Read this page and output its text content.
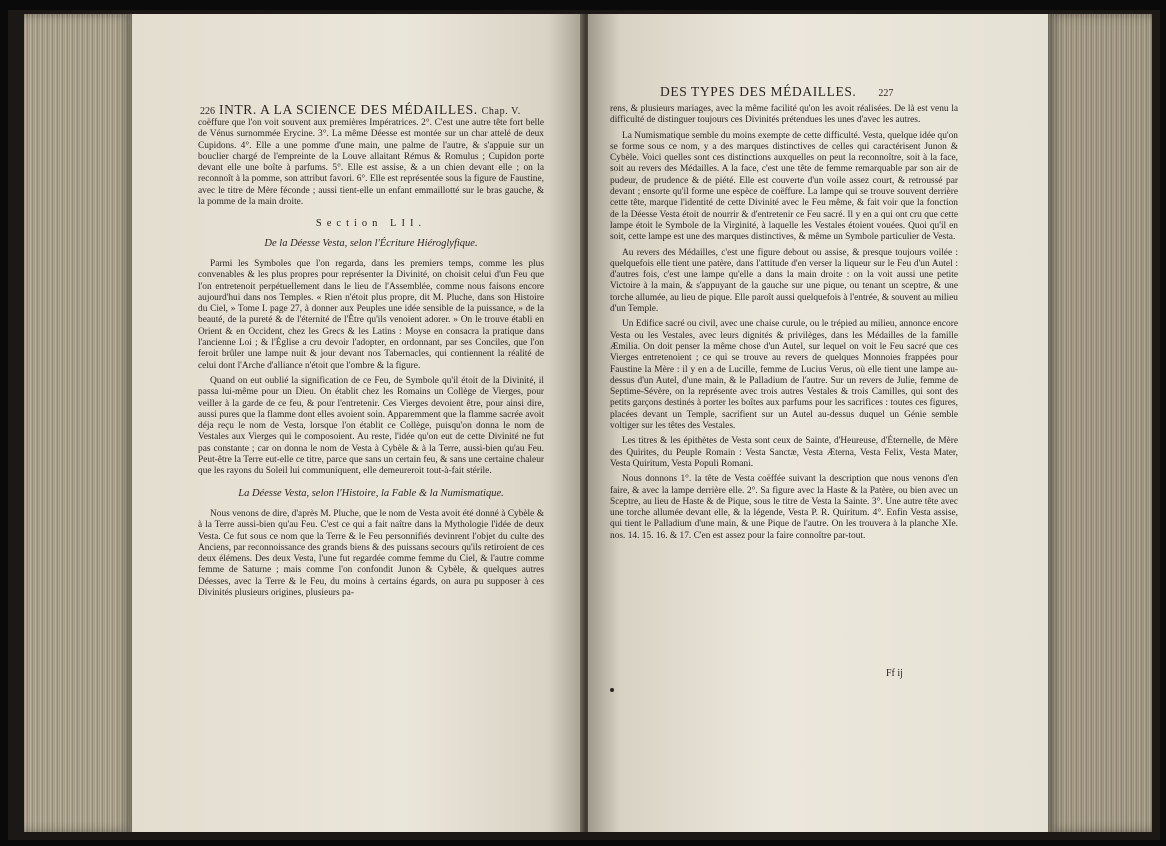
226 INTR. A LA SCIENCE DES MÉDAILLES. Chap. V.

coëffure que l'on voit souvent aux premières Impératrices. 2°. C'est une autre tête fort belle de Vénus surnommée Erycine. 3°. La même Déesse est montée sur un char attelé de deux Cupidons. 4°. Elle a une pomme d'une main, une palme de l'autre, & s'appuie sur un bouclier chargé de l'empreinte de la Louve allaitant Rémus & Romulus ; Cupidon porte devant elle une boîte à parfums. 5°. Elle est assise, & a un chien devant elle ; on la reconnoît à la pomme, son attribut favori. 6°. Elle est représentée sous la figure de Faustine, avec le titre de Mère féconde ; aussi tient-elle un enfant emmaillotté sur le bras gauche, & la pomme de la main droite.

Section LII.
De la Déesse Vesta, selon l'Écriture Hiéroglyfique.

Parmi les Symboles que l'on regarda, dans les premiers temps, comme les plus convenables & les plus propres pour représenter la Divinité, on choisit celui d'un Feu que l'on entretenoit perpétuellement dans le lieu de l'Assemblée, comme nous faisons encore aujourd'hui dans nos Temples. « Rien n'étoit plus propre, dit M. Pluche, dans son Histoire du Ciel, » Tome I. page 27, à donner aux Peuples une idée sensible de la puissance, » de la beauté, de la pureté & de l'éternité de l'Être qu'ils venoient adorer. » On le trouve établi en Orient & en Occident, chez les Grecs & les Latins : Moyse en consacra la pratique dans l'ancienne Loi ; & l'Église a cru devoir l'adopter, en ordonnant, par ses Conciles, que l'on feroit brûler une lampe nuit & jour devant nos Tabernacles, qui contiennent la réalité de celui dont l'Arche d'alliance n'étoit que l'ombre & la figure.

Quand on eut oublié la signification de ce Feu, de Symbole qu'il étoit de la Divinité, il passa lui-même pour un Dieu. On établit chez les Romains un Collège de Vierges, pour veiller à la garde de ce feu, & pour l'entretenir. Ces Vierges devoient être, pour ainsi dire, aussi pures que la flamme dont elles avoient soin. Apparemment que la flamme sacrée avoit déja reçu le nom de Vesta, lorsque l'on établit ce Collège, puisqu'on donna le nom de Vestales aux Vierges qui le composoient. Au reste, l'idée qu'on eut de cette Divinité ne fut pas constante ; car on donna le nom de Vesta à Cybèle & à la Terre, aussi-bien qu'au Feu. Peut-être la Terre eut-elle ce titre, parce que sans un certain feu, & sans une certaine chaleur que les rayons du Soleil lui communiquent, elle demeureroit tout-à-fait stérile.

La Déesse Vesta, selon l'Histoire, la Fable & la Numismatique.

Nous venons de dire, d'après M. Pluche, que le nom de Vesta avoit été donné à Cybèle & à la Terre aussi-bien qu'au Feu. C'est ce qui a fait naître dans la Mythologie l'idée de deux Vesta. Ce fut sous ce nom que la Terre & le Feu personnifiés devinrent l'objet du culte des Anciens, par reconnoissance des grands biens & des puissans secours qu'ils retiroient de ces deux élémens. Des deux Vesta, l'une fut regardée comme femme du Ciel, & l'autre comme femme de Saturne ; mais comme l'on confondit Junon & Cybèle, & quelques autres Déesses, avec la Terre & le Feu, du moins à certains égards, on aura pu supposer à ces Divinités plusieurs origines, plusieurs pa-

DES TYPES DES MÉDAILLES. 227

rens, & plusieurs mariages, avec la même facilité qu'on les avoit réalisées. De là est venu la difficulté de distinguer toujours ces Divinités prétendues les unes d'avec les autres.

La Numismatique semble du moins exempte de cette difficulté. Vesta, quelque idée qu'on se forme sous ce nom, y a des marques distinctives de celles qui caractérisent Junon & Cybèle. Voici quelles sont ces distinctions auxquelles on peut la reconnoître, soit à la face, soit au revers des Médailles. A la face, c'est une tête de femme remarquable par son air de pudeur, de prudence & de piété. Elle est couverte d'un voile assez court, & retroussé par devant ; ensorte qu'il forme une espèce de coëffure. La lampe qui se trouve souvent derrière cette tête, marque l'identité de cette Divinité avec le Feu même, & fait voir que la fonction de la Déesse Vesta étoit de nourrir & d'entretenir ce Feu sacré. Il y en a qui ont cru que cette lampe étoit le Symbole de la Virginité, à laquelle les Vestales étoient vouées. Quoi qu'il en soit, cette lampe est une des marques distinctives, & même un Symbole particulier de Vesta.

Au revers des Médailles, c'est une figure debout ou assise, & presque toujours voilée : quelquefois elle tient une patère, dans l'attitude d'en verser la liqueur sur le Feu d'un Autel : d'autres fois, c'est une lampe qu'elle a dans la main droite : on la voit aussi une petite Victoire à la main, & s'appuyant de la gauche sur une pique, ou tenant un sceptre, & une torche allumée, au lieu de pique. Elle paroît aussi quelquefois à l'entrée, & souvent au milieu d'un Temple.

Un Edifice sacré ou civil, avec une chaise curule, ou le trépied au milieu, annonce encore Vesta ou les Vestales, avec leurs dignités & privilèges, dans les Médailles de la famille Æmilia. On doit penser la même chose d'un Autel, sur lequel on voit le Feu sacré que ces Vierges entretenoient ; ce qui se trouve au revers de quelques Monnoies frappées pour Faustine la Mère : il y en a de Lucille, femme de Lucius Verus, où elle tient une lampe au-dessus d'un Autel, d'une main, & le Palladium de l'autre. Sur un revers de Julie, femme de Septime-Sévère, on la représente avec trois autres Vestales & trois Camilles, qui sont des petits garçons destinés à porter les boîtes aux parfums pour les sacrifices : toutes ces figures, placées devant un Temple, sacrifient sur un Autel au-dessus duquel un Génie semble voltiger sur les têtes des Vestales.

Les titres & les épithètes de Vesta sont ceux de Sainte, d'Heureuse, d'Éternelle, de Mère des Quirites, du Peuple Romain : Vesta Sanctæ, Vesta Æterna, Vesta Felix, Vesta Mater, Vesta Quiritum, Vesta Populi Romani.

Nous donnons 1°. la tête de Vesta coëffée suivant la description que nous venons d'en faire, & avec la lampe derrière elle. 2°. Sa figure avec la Haste & la Patère, ou bien avec un Sceptre, au lieu de Haste & de Pique, sous le titre de Vesta la Sainte. 3°. Une autre tête avec une torche allumée devant elle, & la légende, Vesta P. R. Quiritum. 4°. Enfin Vesta assise, qui tient le Palladium d'une main, & une Pique de l'autre. On les trouvera à la planche XIe. nos. 14. 15. 16. & 17. C'en est assez pour la faire connoître par-tout.

Ff ij
